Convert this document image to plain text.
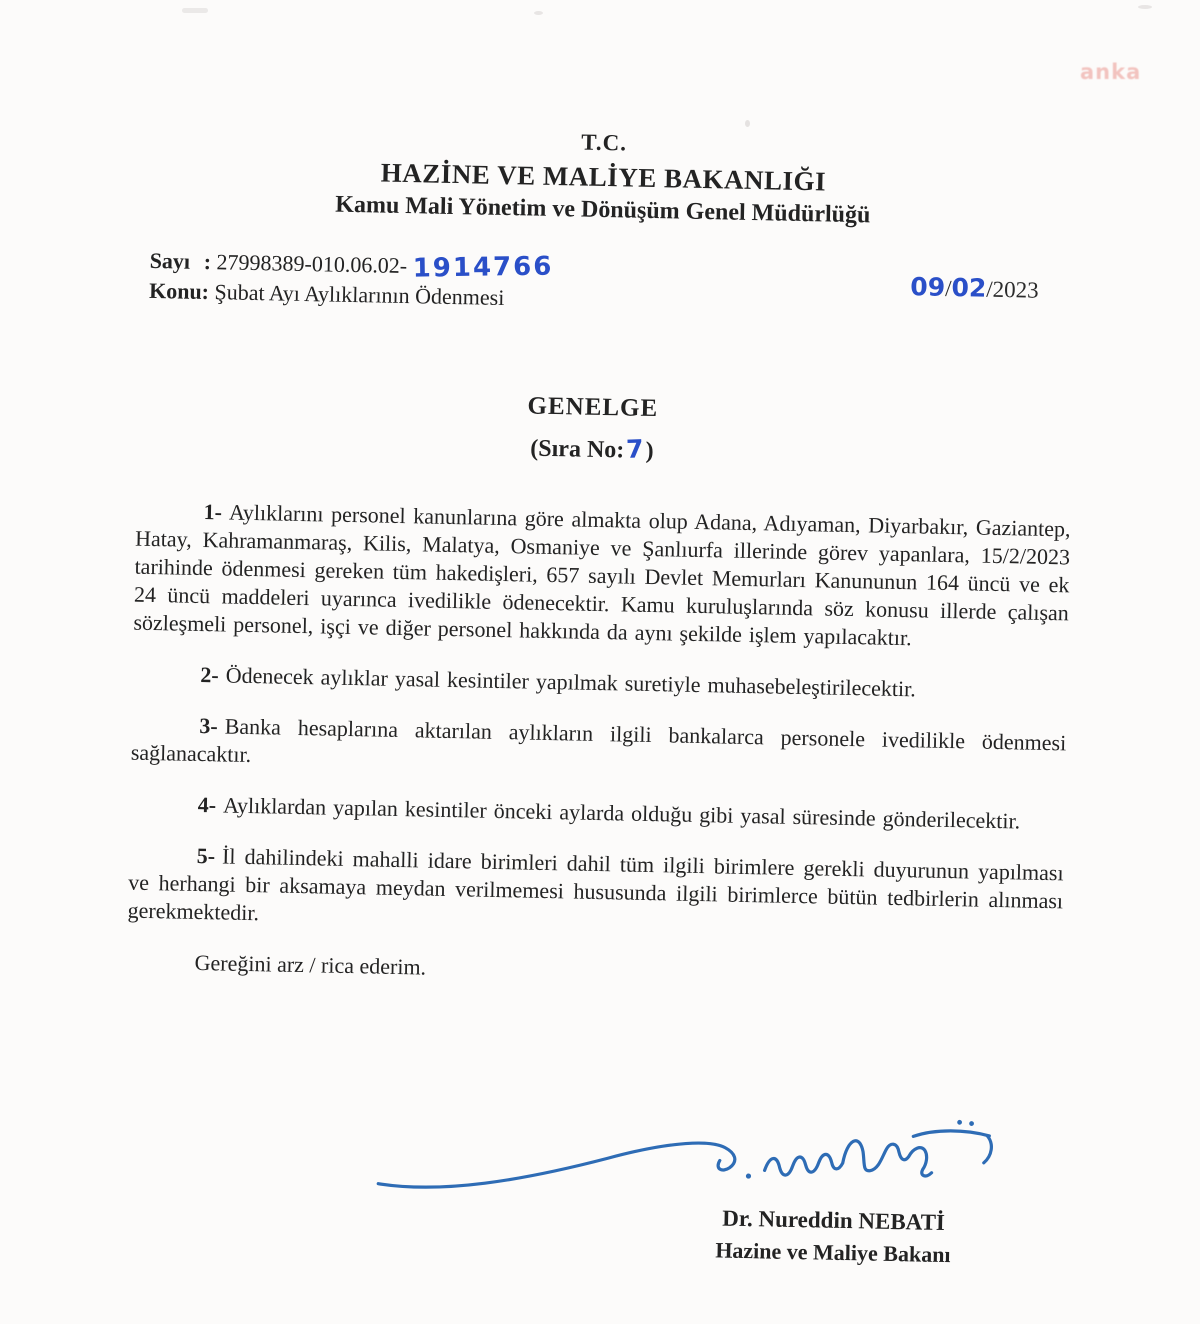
T.C.
HAZİNE VE MALİYE BAKANLIĞI
Kamu Mali Yönetim ve Dönüşüm Genel Müdürlüğü
Sayı : 27998389-010.06.02- 1914766
Konu: Şubat Ayı Aylıklarının Ödenmesi	09/02/2023
GENELGE
(Sıra No:7)

1- Aylıklarını personel kanunlarına göre almakta olup Adana, Adıyaman, Diyarbakır, Gaziantep, Hatay, Kahramanmaraş, Kilis, Malatya, Osmaniye ve Şanlıurfa illerinde görev yapanlara, 15/2/2023 tarihinde ödenmesi gereken tüm hakedişleri, 657 sayılı Devlet Memurları Kanununun 164 üncü ve ek 24 üncü maddeleri uyarınca ivedilikle ödenecektir. Kamu kuruluşlarında söz konusu illerde çalışan sözleşmeli personel, işçi ve diğer personel hakkında da aynı şekilde işlem yapılacaktır.

2- Ödenecek aylıklar yasal kesintiler yapılmak suretiyle muhasebeleştirilecektir.

3- Banka hesaplarına aktarılan aylıkların ilgili bankalarca personele ivedilikle ödenmesi sağlanacaktır.

4- Aylıklardan yapılan kesintiler önceki aylarda olduğu gibi yasal süresinde gönderilecektir.

5- İl dahilindeki mahalli idare birimleri dahil tüm ilgili birimlere gerekli duyurunun yapılması ve herhangi bir aksamaya meydan verilmemesi hususunda ilgili birimlerce bütün tedbirlerin alınması gerekmektedir.

Gereğini arz / rica ederim.
Dr. Nureddin NEBATİ
Hazine ve Maliye Bakanı
anka
